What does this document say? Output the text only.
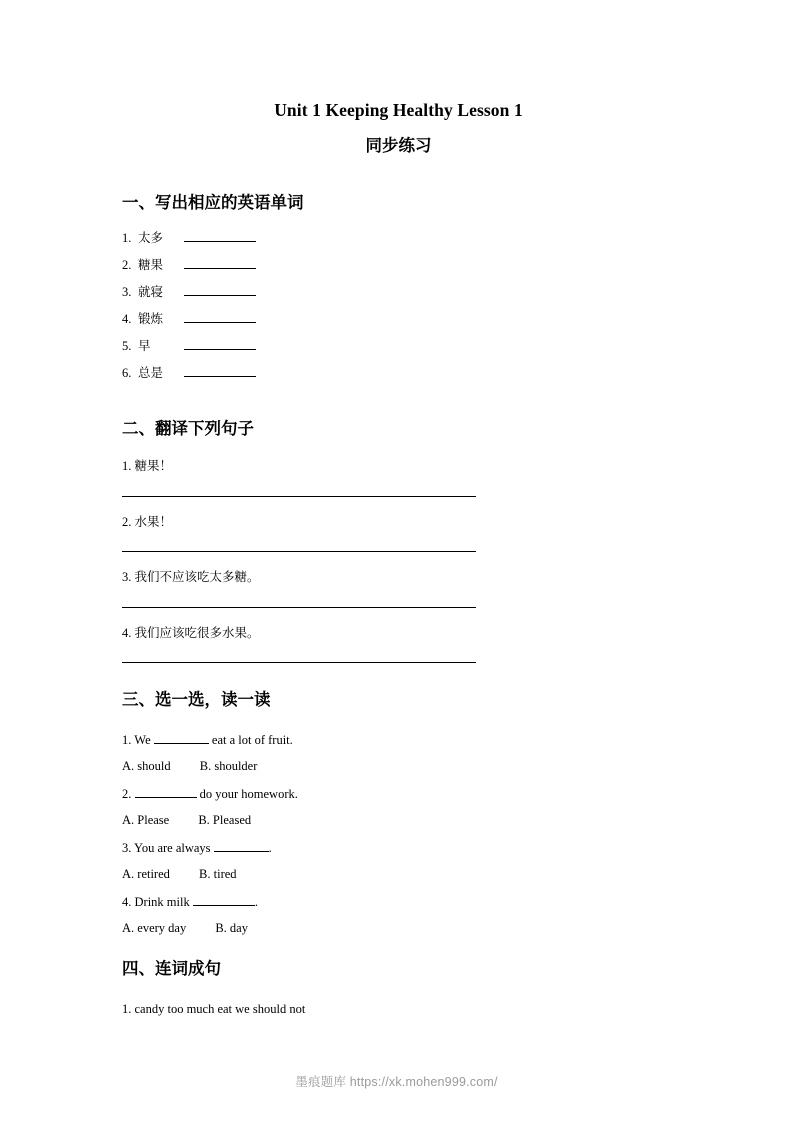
Unit 1 Keeping Healthy Lesson 1
同步练习
一、写出相应的英语单词
1. 太多
2. 糖果
3. 就寝
4. 锻炼
5. 早
6. 总是
二、翻译下列句子
1. 糖果！
2. 水果！
3. 我们不应该吃太多糖。
4. 我们应该吃很多水果。
三、选一选，读一读
1. We	eat a lot of fruit.
A. should B. shoulder
2.	do your homework.
A. Please B. Pleased
3. You are always	.
A. retired B. tired
4. Drink milk	.
A. every day B. day
四、连词成句
1. candy too much eat we should not
墨痕题库 https://xk.mohen999.com/
